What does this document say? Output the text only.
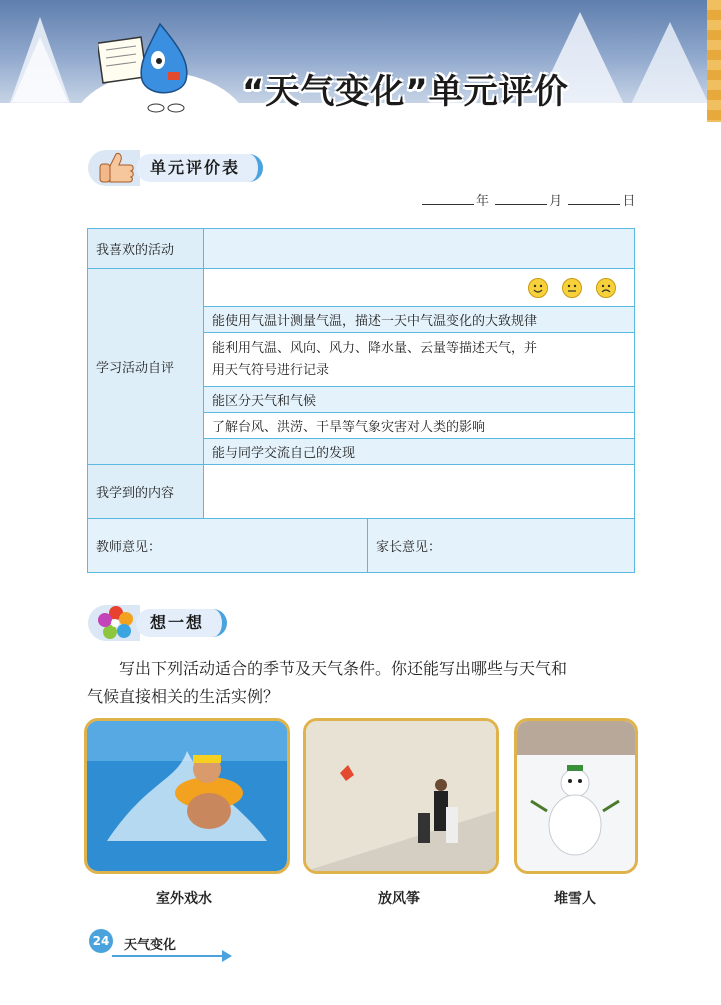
“天气变化”单元评价
单元评价表
年	月	日
我喜欢的活动		
学习活动自评	

	能使用气温计测量气温，描述一天中气温变化的大致规律	
	能利用气温、风向、风力、降水量、云量等描述天气，并
用天气符号进行记录	
	能区分天气和气候	
	了解台风、洪涝、干旱等气象灾害对人类的影响	
	能与同学交流自己的发现	
我学到的内容		
教师意见：		家长意见：
想一想
写出下列活动适合的季节及天气条件。你还能写出哪些与天气和
气候直接相关的生活实例？
室外戏水	放风筝	堆雪人
24 天气变化
